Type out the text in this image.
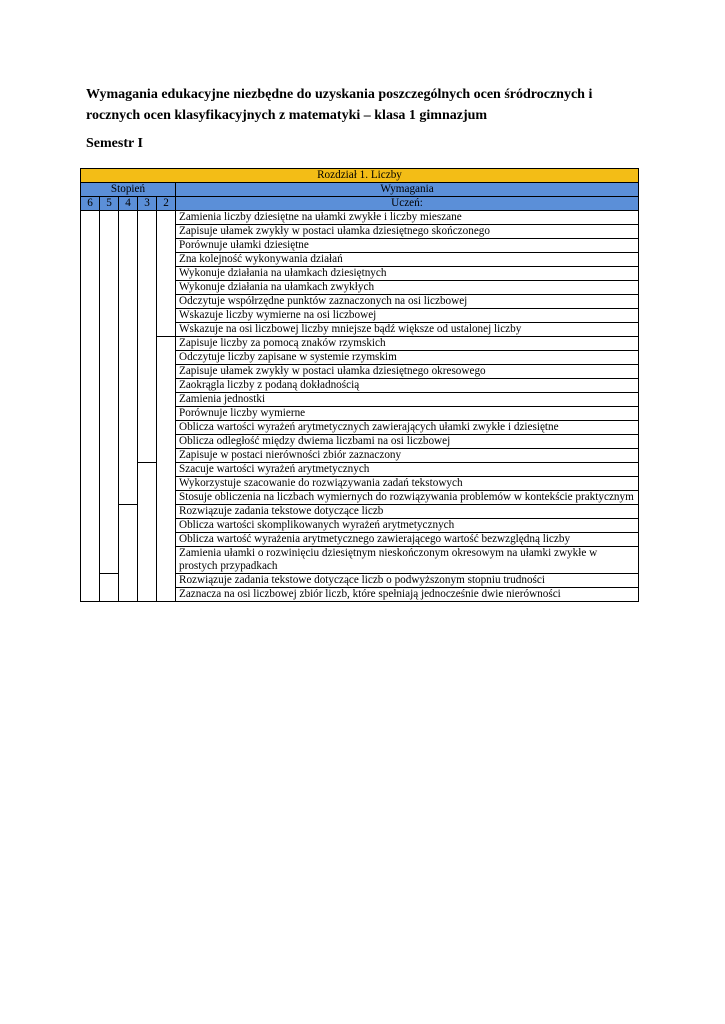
Wymagania edukacyjne niezbędne do uzyskania poszczególnych ocen śródrocznych i rocznych ocen klasyfikacyjnych z matematyki – klasa 1 gimnazjum
Semestr I
Rozdział 1. Liczby					
Stopień					Wymagania
6	5	4	3	2	Uczeń:
					Zamienia liczby dziesiętne na ułamki zwykłe i liczby mieszane
					Zapisuje ułamek zwykły w postaci ułamka dziesiętnego skończonego
					Porównuje ułamki dziesiętne
					Zna kolejność wykonywania działań
					Wykonuje działania na ułamkach dziesiętnych
					Wykonuje działania na ułamkach zwykłych
					Odczytuje współrzędne punktów zaznaczonych na osi liczbowej
					Wskazuje liczby wymierne na osi liczbowej
					Wskazuje na osi liczbowej liczby mniejsze bądź większe od ustalonej liczby
					Zapisuje liczby za pomocą znaków rzymskich
					Odczytuje liczby zapisane w systemie rzymskim
					Zapisuje ułamek zwykły w postaci ułamka dziesiętnego okresowego
					Zaokrągla liczby z podaną dokładnością
					Zamienia jednostki
					Porównuje liczby wymierne
					Oblicza wartości wyrażeń arytmetycznych zawierających ułamki zwykłe i dziesiętne
					Oblicza odległość między dwiema liczbami na osi liczbowej
					Zapisuje w postaci nierówności zbiór zaznaczony
					Szacuje wartości wyrażeń arytmetycznych
					Wykorzystuje szacowanie do rozwiązywania zadań tekstowych
					Stosuje obliczenia na liczbach wymiernych do rozwiązywania problemów w kontekście praktycznym
					Rozwiązuje zadania tekstowe dotyczące liczb
					Oblicza wartości skomplikowanych wyrażeń arytmetycznych
					Oblicza wartość wyrażenia arytmetycznego zawierającego wartość bezwzględną liczby
					Zamienia ułamki o rozwinięciu dziesiętnym nieskończonym okresowym na ułamki zwykłe w prostych przypadkach
					Rozwiązuje zadania tekstowe dotyczące liczb o podwyższonym stopniu trudności
					Zaznacza na osi liczbowej zbiór liczb, które spełniają jednocześnie dwie nierówności
